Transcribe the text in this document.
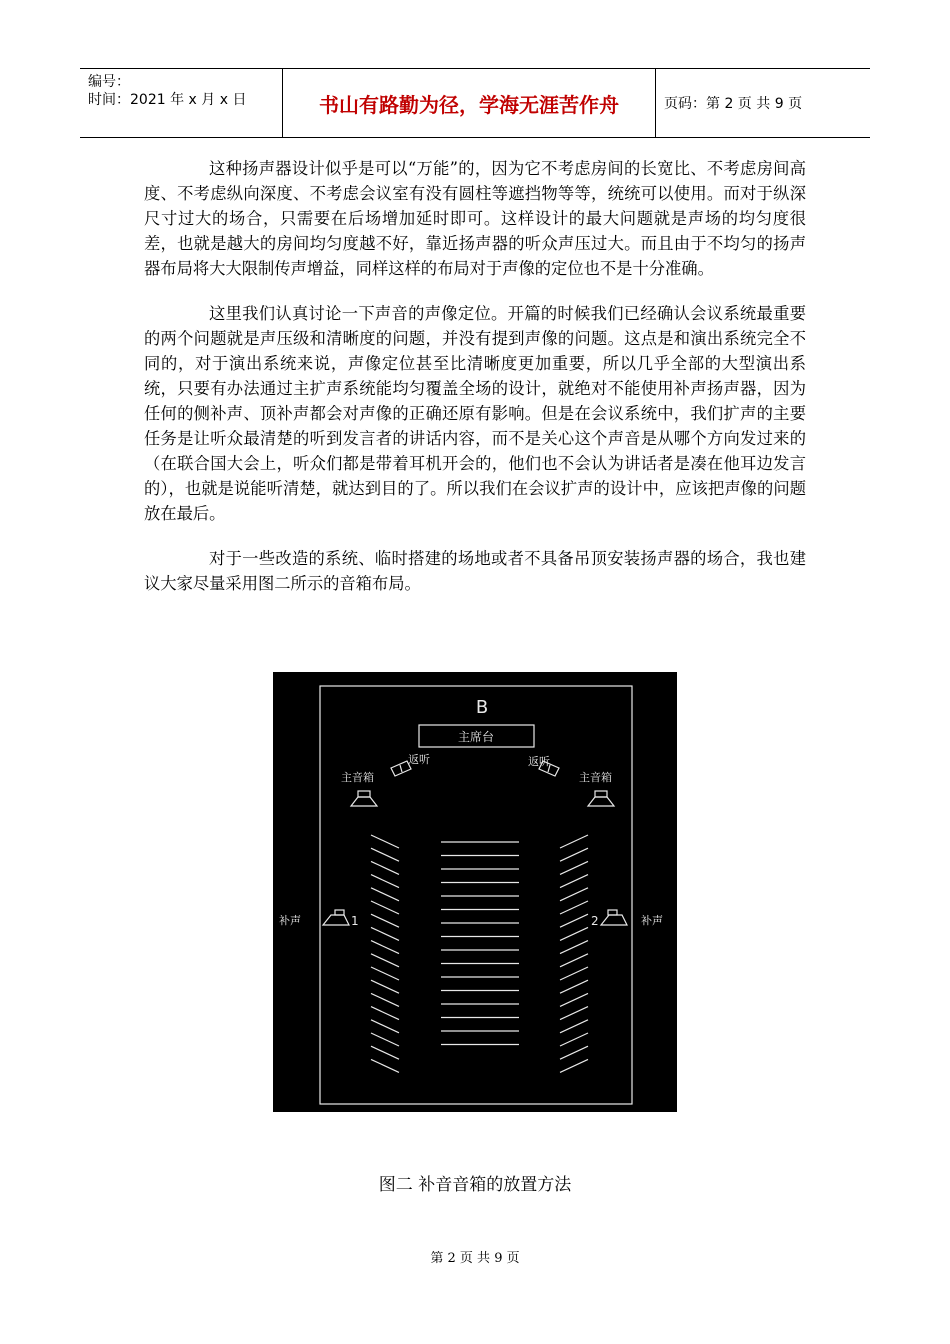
编号：
时间：2021 年 x 月 x 日	书山有路勤为径，学海无涯苦作舟	页码：第 2 页 共 9 页

这种扬声器设计似乎是可以“万能”的，因为它不考虑房间的长宽比、不考虑房间高度、不考虑纵向深度、不考虑会议室有没有圆柱等遮挡物等等，统统可以使用。而对于纵深尺寸过大的场合，只需要在后场增加延时即可。这样设计的最大问题就是声场的均匀度很差，也就是越大的房间均匀度越不好，靠近扬声器的听众声压过大。而且由于不均匀的扬声器布局将大大限制传声增益，同样这样的布局对于声像的定位也不是十分准确。

这里我们认真讨论一下声音的声像定位。开篇的时候我们已经确认会议系统最重要的两个问题就是声压级和清晰度的问题，并没有提到声像的问题。这点是和演出系统完全不同的，对于演出系统来说，声像定位甚至比清晰度更加重要，所以几乎全部的大型演出系统，只要有办法通过主扩声系统能均匀覆盖全场的设计，就绝对不能使用补声扬声器，因为任何的侧补声、顶补声都会对声像的正确还原有影响。但是在会议系统中，我们扩声的主要任务是让听众最清楚的听到发言者的讲话内容，而不是关心这个声音是从哪个方向发过来的（在联合国大会上，听众们都是带着耳机开会的，他们也不会认为讲话者是凑在他耳边发言的），也就是说能听清楚，就达到目的了。所以我们在会议扩声的设计中，应该把声像的问题放在最后。

对于一些改造的系统、临时搭建的场地或者不具备吊顶安装扬声器的场合，我也建议大家尽量采用图二所示的音箱布局。

B
主席台
返听	返听
主音箱	主音箱
补声	1	2	补声
图二 补音音箱的放置方法
第 2 页 共 9 页
